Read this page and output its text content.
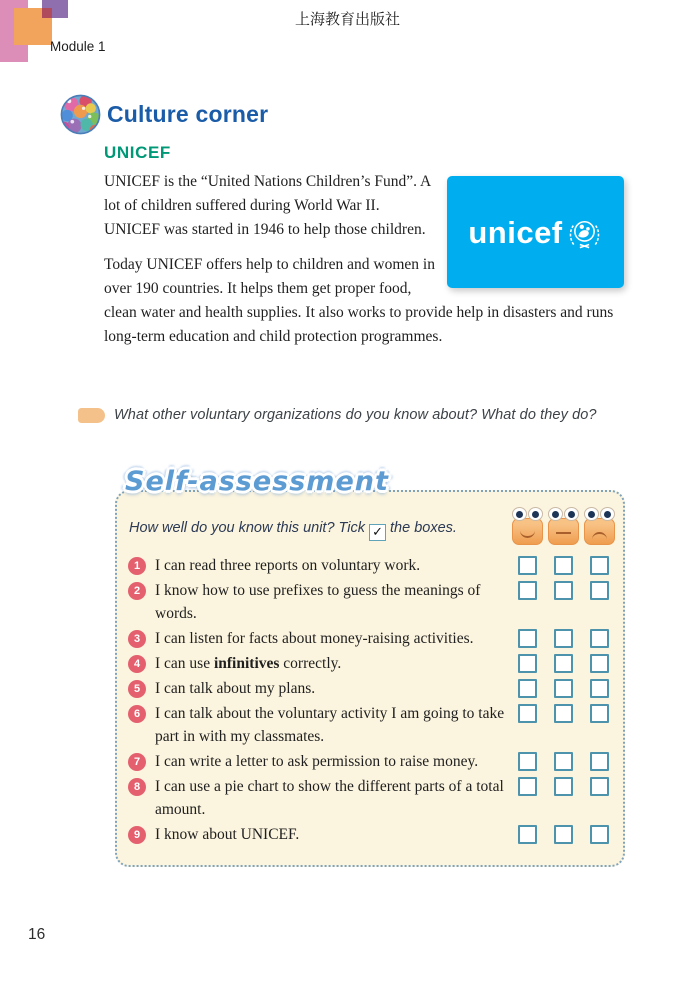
上海教育出版社
Module 1
Culture corner
UNICEF
unicef

UNICEF is the “United Nations Children’s Fund”. A lot of children suffered during World War II. UNICEF was started in 1946 to help those children.

Today UNICEF offers help to children and women in over 190 countries. It helps them get proper food, clean water and health supplies. It also works to provide help in disasters and runs long-term education and child protection programmes.

What other voluntary organizations do you know about? What do they do?
Self-assessment
How well do you know this unit? Tick ✓ the boxes.
1 I can read three reports on voluntary work.
2 I know how to use prefixes to guess the meanings of words.
3 I can listen for facts about money-raising activities.
4 I can use infinitives correctly.
5 I can talk about my plans.
6 I can talk about the voluntary activity I am going to take part in with my classmates.
7 I can write a letter to ask permission to raise money.
8 I can use a pie chart to show the different parts of a total amount.
9 I know about UNICEF.
16
